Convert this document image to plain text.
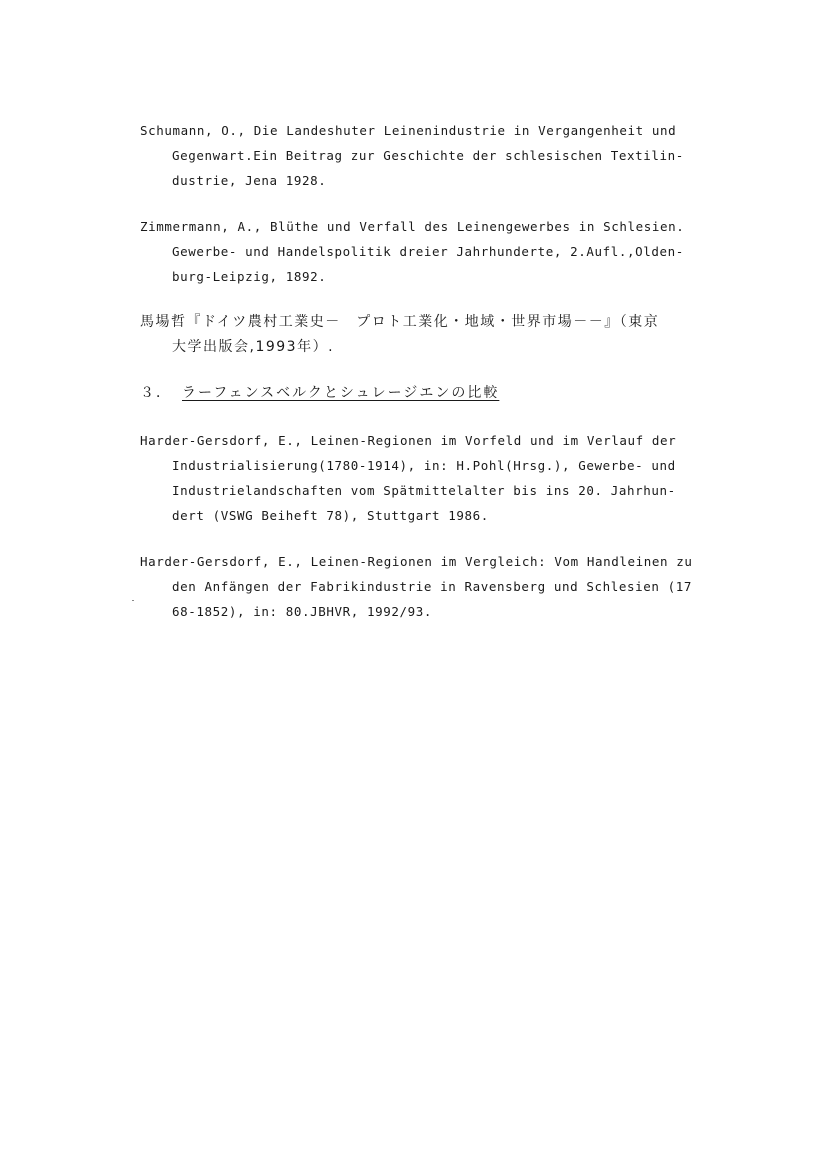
Schumann, O., Die Landeshuter Leinenindustrie in Vergangenheit und
Gegenwart.Ein Beitrag zur Geschichte der schlesischen Textilin-
dustrie, Jena 1928.
Zimmermann, A., Blüthe und Verfall des Leinengewerbes in Schlesien.
Gewerbe- und Handelspolitik dreier Jahrhunderte, 2.Aufl.,Olden-
burg-Leipzig, 1892.
馬場哲『ドイツ農村工業史－　プロト工業化・地域・世界市場－－』（東京
大学出版会,1993年）.
３． ラーフェンスベルクとシュレージエンの比較
Harder-Gersdorf, E., Leinen-Regionen im Vorfeld und im Verlauf der
Industrialisierung(1780-1914), in: H.Pohl(Hrsg.), Gewerbe- und
Industrielandschaften vom Spätmittelalter bis ins 20. Jahrhun-
dert (VSWG Beiheft 78), Stuttgart 1986.
Harder-Gersdorf, E., Leinen-Regionen im Vergleich: Vom Handleinen zu
den Anfängen der Fabrikindustrie in Ravensberg und Schlesien (17
68-1852), in: 80.JBHVR, 1992/93.
